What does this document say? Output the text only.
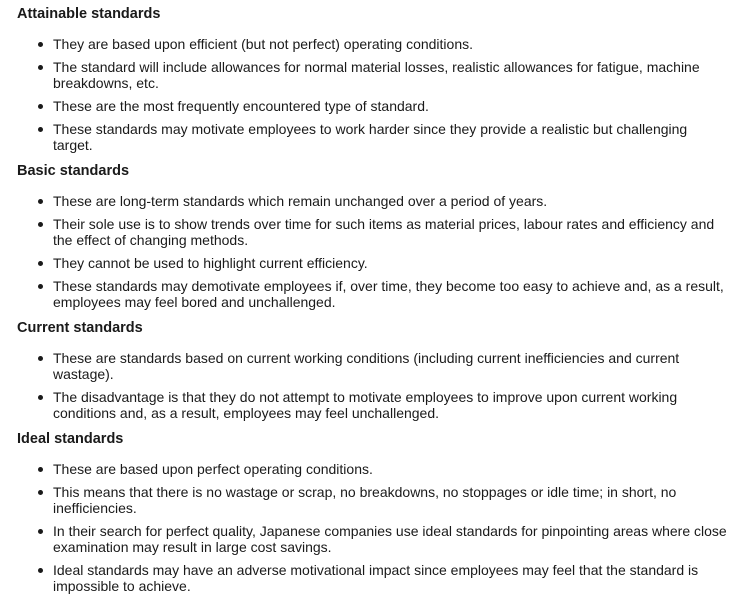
Attainable standards
They are based upon efficient (but not perfect) operating conditions.
The standard will include allowances for normal material losses, realistic allowances for fatigue, machine breakdowns, etc.
These are the most frequently encountered type of standard.
These standards may motivate employees to work harder since they provide a realistic but challenging target.
Basic standards
These are long-term standards which remain unchanged over a period of years.
Their sole use is to show trends over time for such items as material prices, labour rates and efficiency and the effect of changing methods.
They cannot be used to highlight current efficiency.
These standards may demotivate employees if, over time, they become too easy to achieve and, as a result, employees may feel bored and unchallenged.
Current standards
These are standards based on current working conditions (including current inefficiencies and current wastage).
The disadvantage is that they do not attempt to motivate employees to improve upon current working conditions and, as a result, employees may feel unchallenged.
Ideal standards
These are based upon perfect operating conditions.
This means that there is no wastage or scrap, no breakdowns, no stoppages or idle time; in short, no inefficiencies.
In their search for perfect quality, Japanese companies use ideal standards for pinpointing areas where close examination may result in large cost savings.
Ideal standards may have an adverse motivational impact since employees may feel that the standard is impossible to achieve.
